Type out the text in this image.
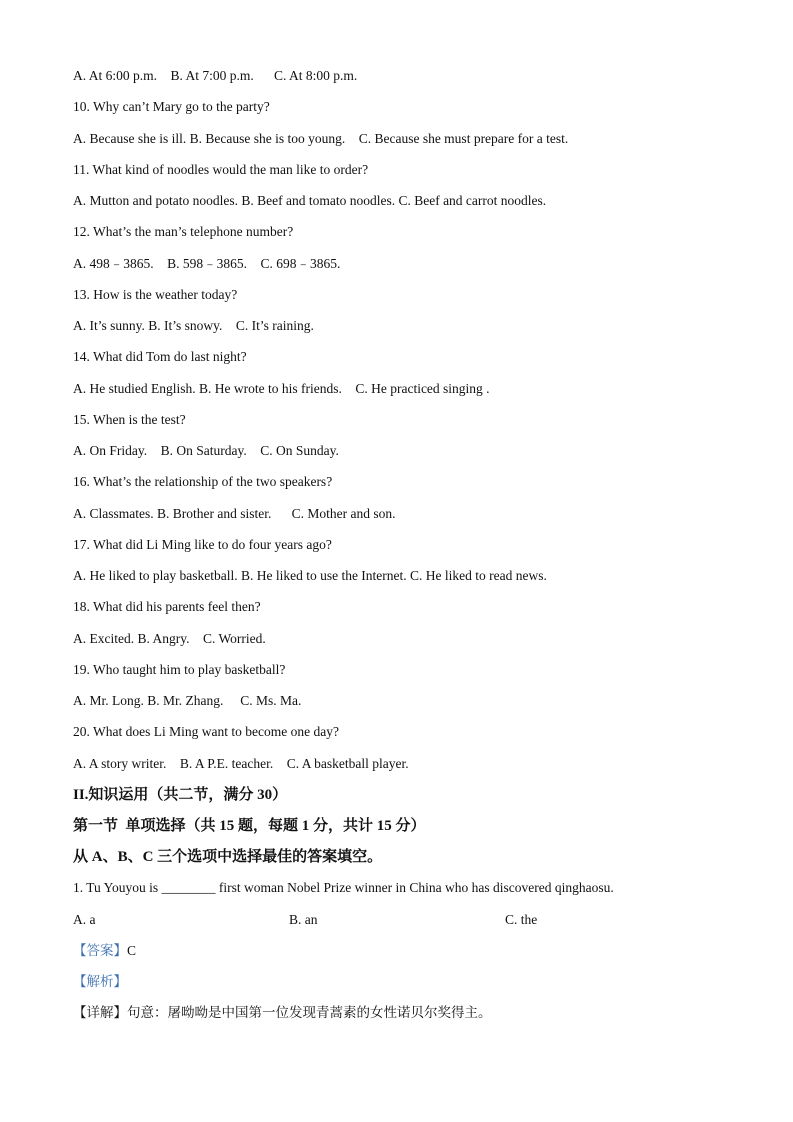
A. At 6:00 p.m.    B. At 7:00 p.m.      C. At 8:00 p.m.
10. Why can’t Mary go to the party?
A. Because she is ill. B. Because she is too young.    C. Because she must prepare for a test.
11. What kind of noodles would the man like to order?
A. Mutton and potato noodles. B. Beef and tomato noodles. C. Beef and carrot noodles.
12. What’s the man’s telephone number?
A. 498﹣3865.    B. 598﹣3865.    C. 698﹣3865.
13. How is the weather today?
A. It’s sunny. B. It’s snowy.    C. It’s raining.
14. What did Tom do last night?
A. He studied English. B. He wrote to his friends.    C. He practiced singing .
15. When is the test?
A. On Friday.    B. On Saturday.    C. On Sunday.
16. What’s the relationship of the two speakers?
A. Classmates. B. Brother and sister.      C. Mother and son.
17. What did Li Ming like to do four years ago?
A. He liked to play basketball. B. He liked to use the Internet. C. He liked to read news.
18. What did his parents feel then?
A. Excited. B. Angry.    C. Worried.
19. Who taught him to play basketball?
A. Mr. Long. B. Mr. Zhang.     C. Ms. Ma.
20. What does Li Ming want to become one day?
A. A story writer.    B. A P.E. teacher.    C. A basketball player.
II.知识运用（共二节，满分 30）
第一节  单项选择（共 15 题，每题 1 分，共计 15 分）
从 A、B、C 三个选项中选择最佳的答案填空。
1. Tu Youyou is ________ first woman Nobel Prize winner in China who has discovered qinghaosu.
A. a	B. an	C. the
【答案】C
【解析】
【详解】句意：屠呦呦是中国第一位发现青蒿素的女性诺贝尔奖得主。
